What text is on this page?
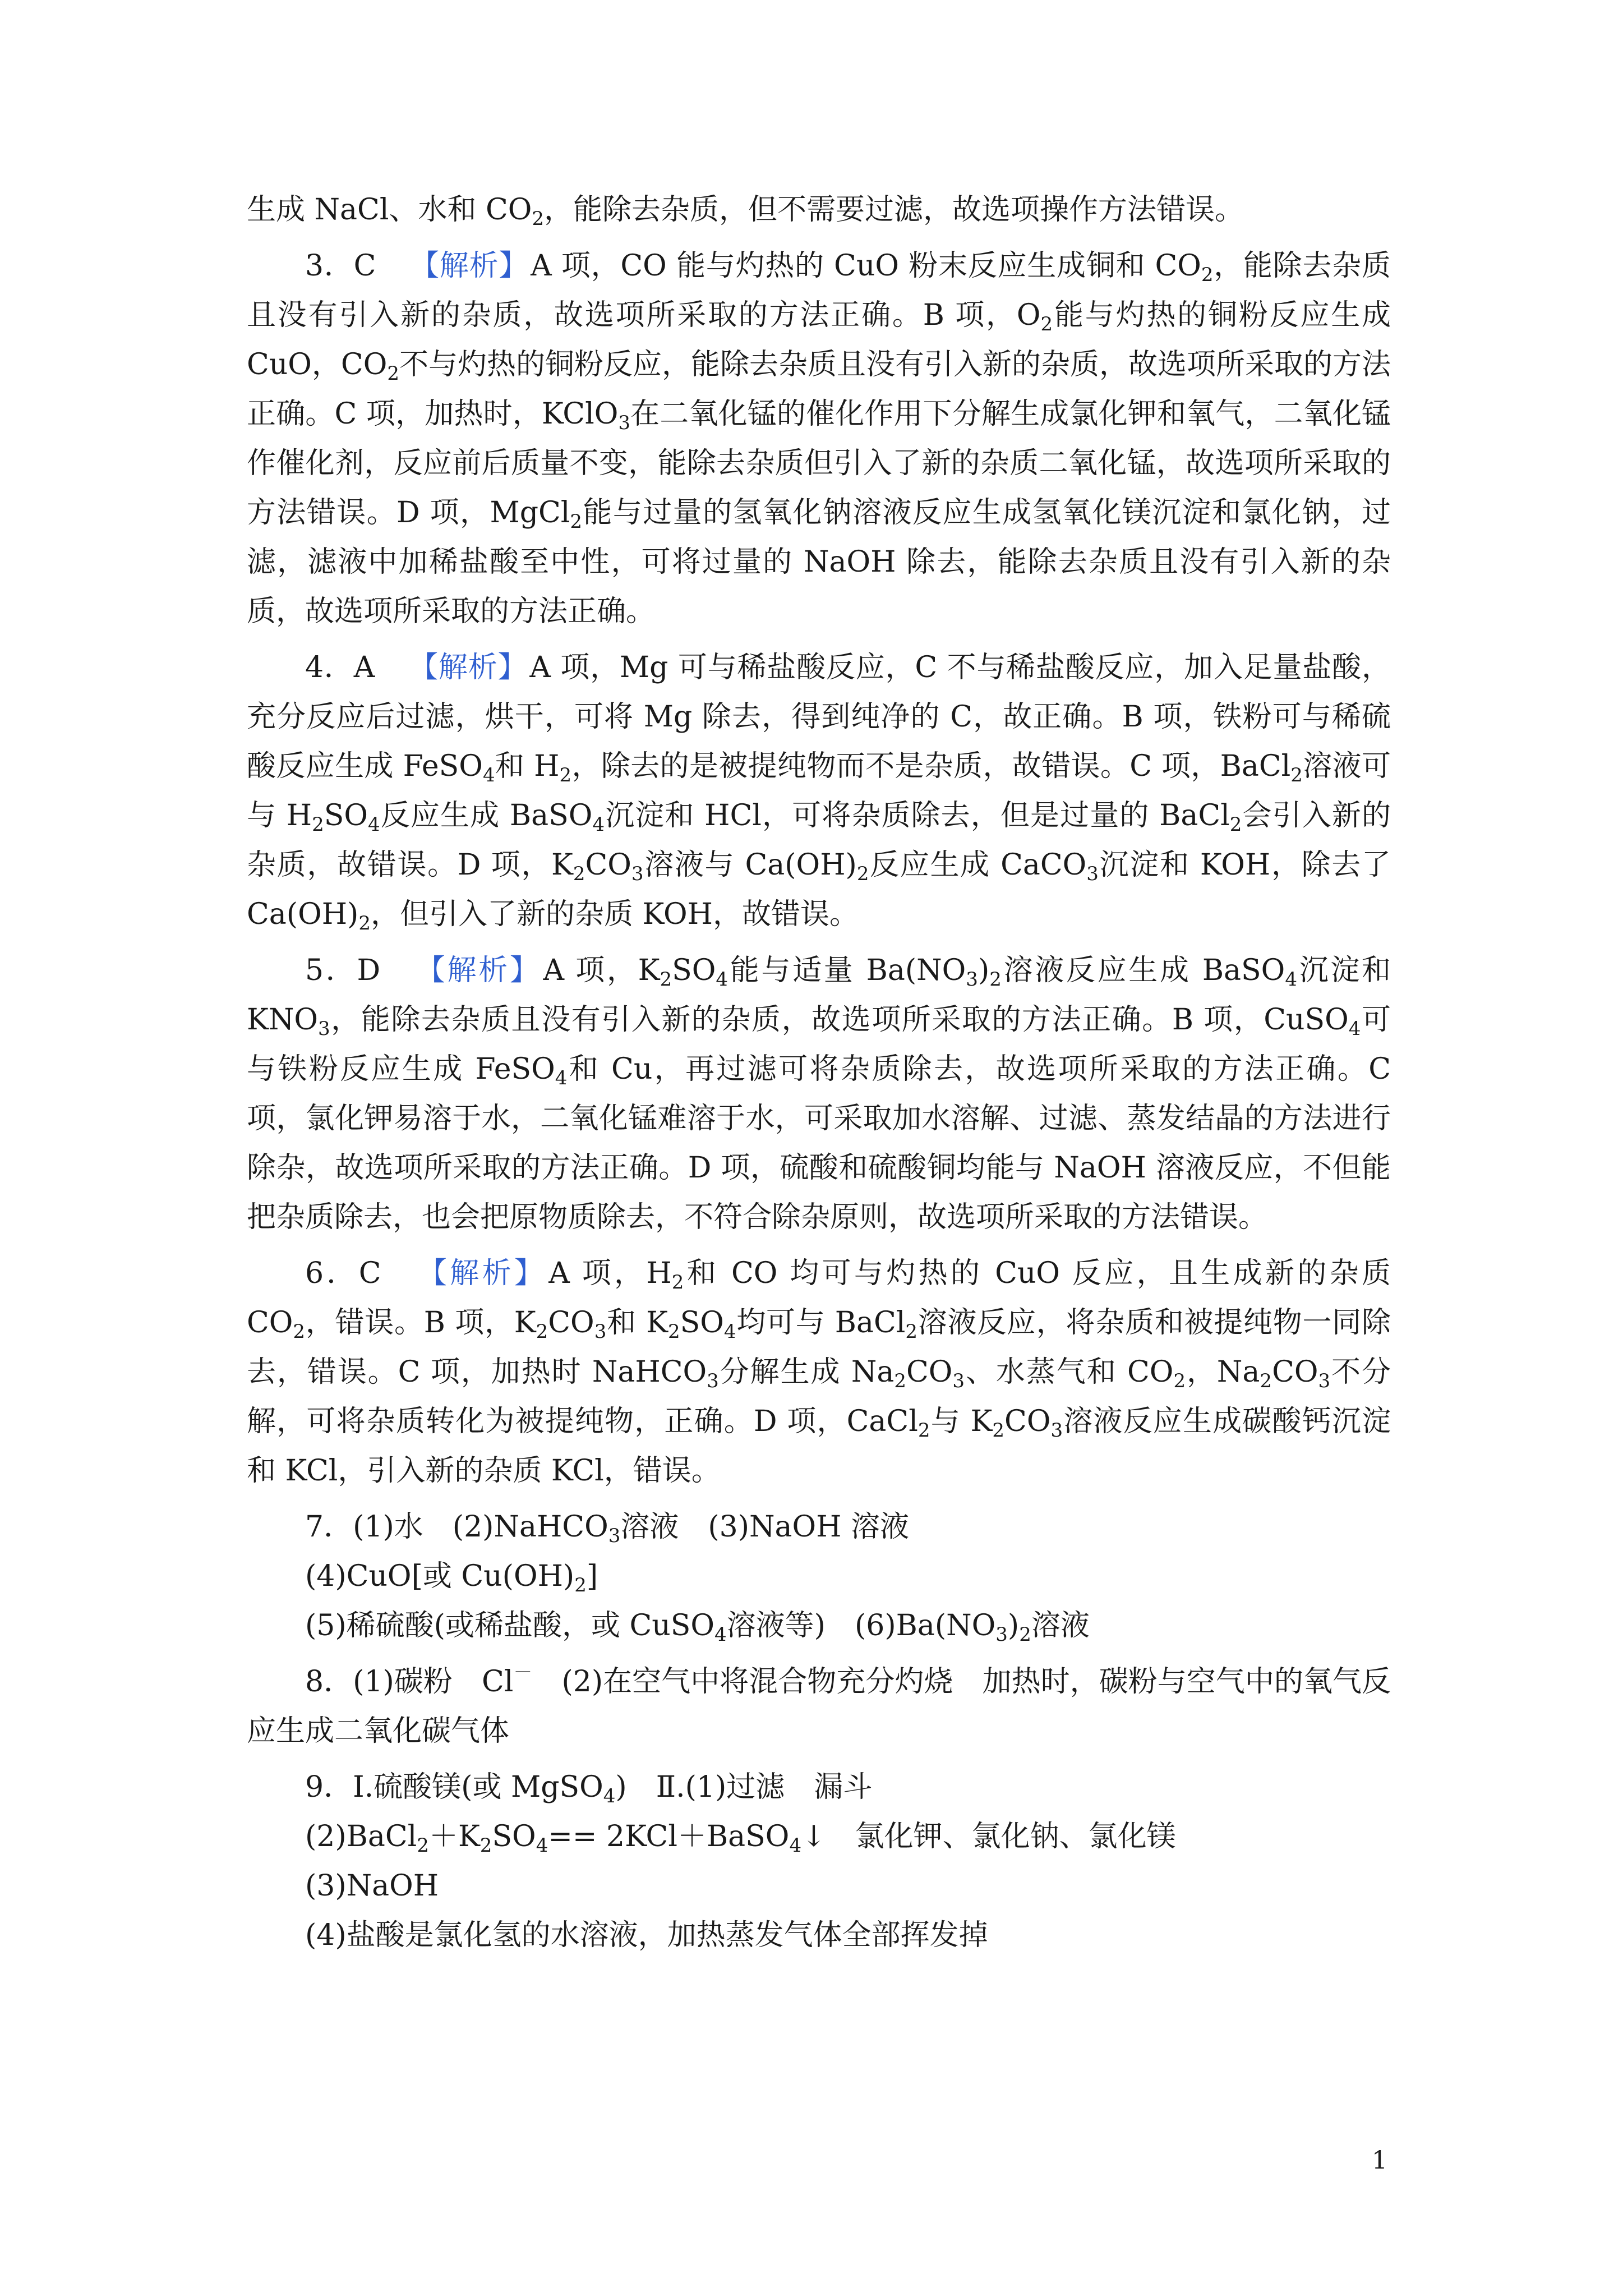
生成 NaCl、水和 $CO_2$，能除去杂质，但不需要过滤，故选项操作方法错误。

3．C 【解析】A 项，CO 能与灼热的 CuO 粉末反应生成铜和 $CO_2$，能除去杂质且没有引入新的杂质，故选项所采取的方法正确。B 项，$O_2$能与灼热的铜粉反应生成 CuO，$CO_2$不与灼热的铜粉反应，能除去杂质且没有引入新的杂质，故选项所采取的方法正确。C 项，加热时，KClO$_3$在二氧化锰的催化作用下分解生成氯化钾和氧气，二氧化锰作催化剂，反应前后质量不变，能除去杂质但引入了新的杂质二氧化锰，故选项所采取的方法错误。D 项，MgCl$_2$能与过量的氢氧化钠溶液反应生成氢氧化镁沉淀和氯化钠，过滤，滤液中加稀盐酸至中性，可将过量的 NaOH 除去，能除去杂质且没有引入新的杂质，故选项所采取的方法正确。

4．A 【解析】A 项，Mg 可与稀盐酸反应，C 不与稀盐酸反应，加入足量盐酸，充分反应后过滤，烘干，可将 Mg 除去，得到纯净的 C，故正确。B 项，铁粉可与稀硫酸反应生成 FeSO$_4$和 $H_2$，除去的是被提纯物而不是杂质，故错误。C 项，BaCl$_2$溶液可与 $H_2SO_4$反应生成 BaSO$_4$沉淀和 HCl，可将杂质除去，但是过量的 BaCl$_2$会引入新的杂质，故错误。D 项，$K_2CO_3$溶液与 $Ca(OH)_2$反应生成 CaCO$_3$沉淀和 KOH，除去了 $Ca(OH)_2$，但引入了新的杂质 KOH，故错误。

5．D 【解析】A 项，$K_2SO_4$能与适量 $Ba(NO_3)_2$溶液反应生成 BaSO$_4$沉淀和 $KNO_3$，能除去杂质且没有引入新的杂质，故选项所采取的方法正确。B 项，CuSO$_4$可与铁粉反应生成 FeSO$_4$和 Cu，再过滤可将杂质除去，故选项所采取的方法正确。C 项，氯化钾易溶于水，二氧化锰难溶于水，可采取加水溶解、过滤、蒸发结晶的方法进行除杂，故选项所采取的方法正确。D 项，硫酸和硫酸铜均能与 NaOH 溶液反应，不但能把杂质除去，也会把原物质除去，不符合除杂原则，故选项所采取的方法错误。

6．C 【解析】A 项，$H_2$和 CO 均可与灼热的 CuO 反应，且生成新的杂质 $CO_2$，错误。B 项，$K_2CO_3$和 $K_2SO_4$均可与 BaCl$_2$溶液反应，将杂质和被提纯物一同除去，错误。C 项，加热时 NaHCO$_3$分解生成 $Na_2CO_3$、水蒸气和 $CO_2$，$Na_2CO_3$不分解，可将杂质转化为被提纯物，正确。D 项，CaCl$_2$与 $K_2CO_3$溶液反应生成碳酸钙沉淀和 KCl，引入新的杂质 KCl，错误。

7．(1)水　 (2)NaHCO$_3$溶液　 (3)NaOH 溶液

(4)CuO[或 $Cu(OH)_2$]

(5)稀硫酸(或稀盐酸，或 CuSO$_4$溶液等)　 $(6)Ba(NO_3)_2$溶液

8．(1)碳粉　Cl－　 (2)在空气中将混合物充分灼烧　加热时，碳粉与空气中的氧气反应生成二氧化碳气体

9．Ⅰ.硫酸镁(或 MgSO$_4$)　 Ⅱ.(1)过滤　漏斗

$(2)BaCl_2+K_2SO_4==$ 2KCl＋BaSO$_4$↓　氯化钾、氯化钠、氯化镁

(3)NaOH

(4)盐酸是氯化氢的水溶液，加热蒸发气体全部挥发掉

1
